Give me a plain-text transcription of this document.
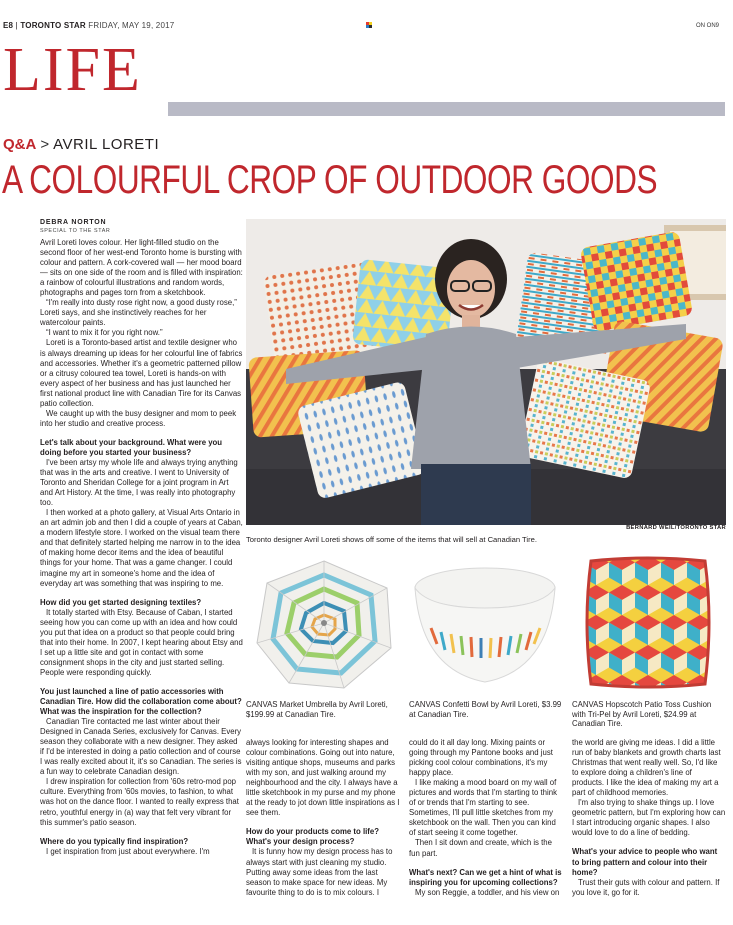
E8 | TORONTO STAR FRIDAY, MAY 19, 2017	ON ON9
LIFE
Q&A > AVRIL LORETI
A COLOURFUL CROP OF OUTDOOR GOODS
DEBRA NORTON
SPECIAL TO THE STAR

Avril Loreti loves colour. Her light-filled studio on the second floor of her west-end Toronto home is bursting with colour and pattern. A cork-covered wall — her mood board — sits on one side of the room and is filled with inspiration: a rainbow of colourful illustrations and random words, photographs and pages torn from a sketchbook.

“I'm really into dusty rose right now, a good dusty rose,” Loreti says, and she instinctively reaches for her watercolour paints.

“I want to mix it for you right now.”

Loreti is a Toronto-based artist and textile designer who is always dreaming up ideas for her colourful line of fabrics and accessories. Whether it's a geometric patterned pillow or a citrusy coloured tea towel, Loreti is hands-on with every aspect of her business and has just launched her first national product line with Canadian Tire for its Canvas patio collection.

We caught up with the busy designer and mom to peek into her studio and creative process.

Let's talk about your background. What were you doing before you started your business?

I've been artsy my whole life and always trying anything that was in the arts and creative. I went to University of Toronto and Sheridan College for a joint program in Art and Art History. At the time, I was really into photography too.

I then worked at a photo gallery, at Visual Arts Ontario in an art admin job and then I did a couple of years at Caban, a modern lifestyle store. I worked on the visual team there and that definitely started helping me narrow in to the idea of making home decor items and the idea of beautiful things for your home. That was a game changer. I could imagine my art in someone's home and the idea of everyday art was something that was inspiring to me.

How did you get started designing textiles?

It totally started with Etsy. Because of Caban, I started seeing how you can come up with an idea and how could you put that idea on a product so that people could bring that into their home. In 2007, I kept hearing about Etsy and I set up a little site and got in contact with some consignment shops in the city and just started selling. People were responding quickly.

You just launched a line of patio accessories with Canadian Tire. How did the collaboration come about? What was the inspiration for the collection?

Canadian Tire contacted me last winter about their Designed in Canada Series, exclusively for Canvas. Every season they collaborate with a new designer. They asked if I'd be interested in doing a patio collection and of course I was really excited about it, it's so Canadian. The series is a fun way to celebrate Canadian design.

I drew inspiration for collection from '60s retro-mod pop culture. Everything from '60s movies, to fashion, to what was hot on the dance floor. I wanted to really express that retro, youthful energy in (a) way that felt very vibrant for this summer's patio season.

Where do you typically find inspiration?

I get inspiration from just about everywhere. I'm

BERNARD WEIL/TORONTO STAR
Toronto designer Avril Loreti shows off some of the items that will sell at Canadian Tire.
CANVAS Market Umbrella by Avril Loreti, $199.99 at Canadian Tire.
CANVAS Confetti Bowl by Avril Loreti, $3.99 at Canadian Tire.
CANVAS Hopscotch Patio Toss Cushion with Tri-Pel by Avril Loreti, $24.99 at Canadian Tire.

always looking for interesting shapes and colour combinations. Going out into nature, visiting antique shops, museums and parks with my son, and just walking around my neighbourhood and the city. I always have a little sketchbook in my purse and my phone at the ready to jot down little inspirations as I see them.

How do your products come to life? What's your design process?

It is funny how my design process has to always start with just cleaning my studio. Putting away some ideas from the last season to make space for new ideas. My favourite thing to do is to mix colours. I

could do it all day long. Mixing paints or going through my Pantone books and just picking cool colour combinations, it's my happy place.

I like making a mood board on my wall of pictures and words that I'm starting to think of or trends that I'm starting to see. Sometimes, I'll pull little sketches from my sketchbook on the wall. Then you can kind of start seeing it come together.

Then I sit down and create, which is the fun part.

What's next? Can we get a hint of what is inspiring you for upcoming collections?

My son Reggie, a toddler, and his view on

the world are giving me ideas. I did a little run of baby blankets and growth charts last Christmas that went really well. So, I'd like to explore doing a children's line of products. I like the idea of making my art a part of childhood memories.

I'm also trying to shake things up. I love geometric pattern, but I'm exploring how can I start introducing organic shapes. I also would love to do a line of bedding.

What's your advice to people who want to bring pattern and colour into their home?

Trust their guts with colour and pattern. If you love it, go for it.
